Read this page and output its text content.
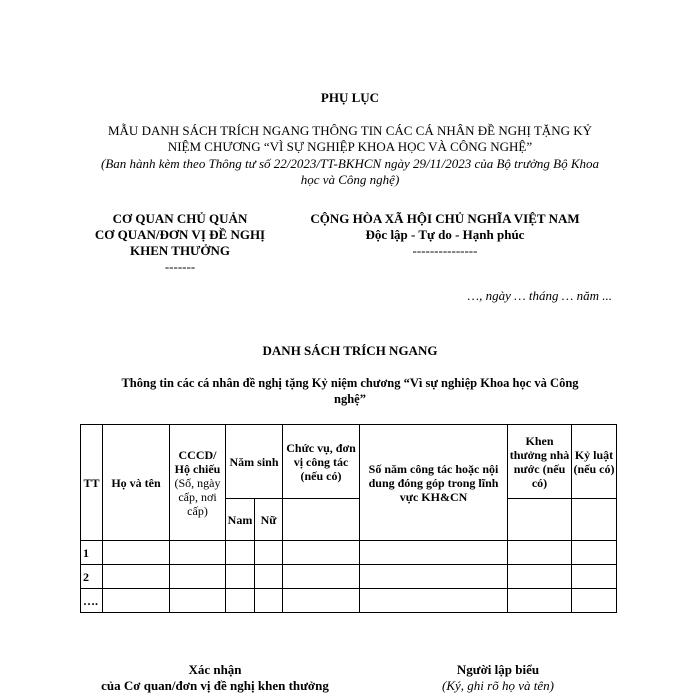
PHỤ LỤC
MẪU DANH SÁCH TRÍCH NGANG THÔNG TIN CÁC CÁ NHÂN ĐỀ NGHỊ TẶNG KỶ
NIỆM CHƯƠNG “VÌ SỰ NGHIỆP KHOA HỌC VÀ CÔNG NGHỆ”
(Ban hành kèm theo Thông tư số 22/2023/TT-BKHCN ngày 29/11/2023 của Bộ trưởng Bộ Khoa
học và Công nghệ)
CƠ QUAN CHỦ QUẢN
CƠ QUAN/ĐƠN VỊ ĐỀ NGHỊ
KHEN THƯỞNG
-------
CỘNG HÒA XÃ HỘI CHỦ NGHĨA VIỆT NAM
Độc lập - Tự do - Hạnh phúc
---------------
…, ngày … tháng … năm ...
DANH SÁCH TRÍCH NGANG
Thông tin các cá nhân đề nghị tặng Kỷ niệm chương “Vì sự nghiệp Khoa học và Công
nghệ”
TT	Họ và tên	CCCD/ Hộ chiếu (Số, ngày cấp, nơi cấp)	Năm sinh		Chức vụ, đơn vị công tác (nếu có)	Số năm công tác hoặc nội dung đóng góp trong lĩnh vực KH&CN	Khen thưởng nhà nước (nếu có)	Kỷ luật (nếu có)
			Nam	Nữ				
1								
2								
….								
Xác nhận
của Cơ quan/đơn vị đề nghị khen thưởng
Người lập biểu
(Ký, ghi rõ họ và tên)
